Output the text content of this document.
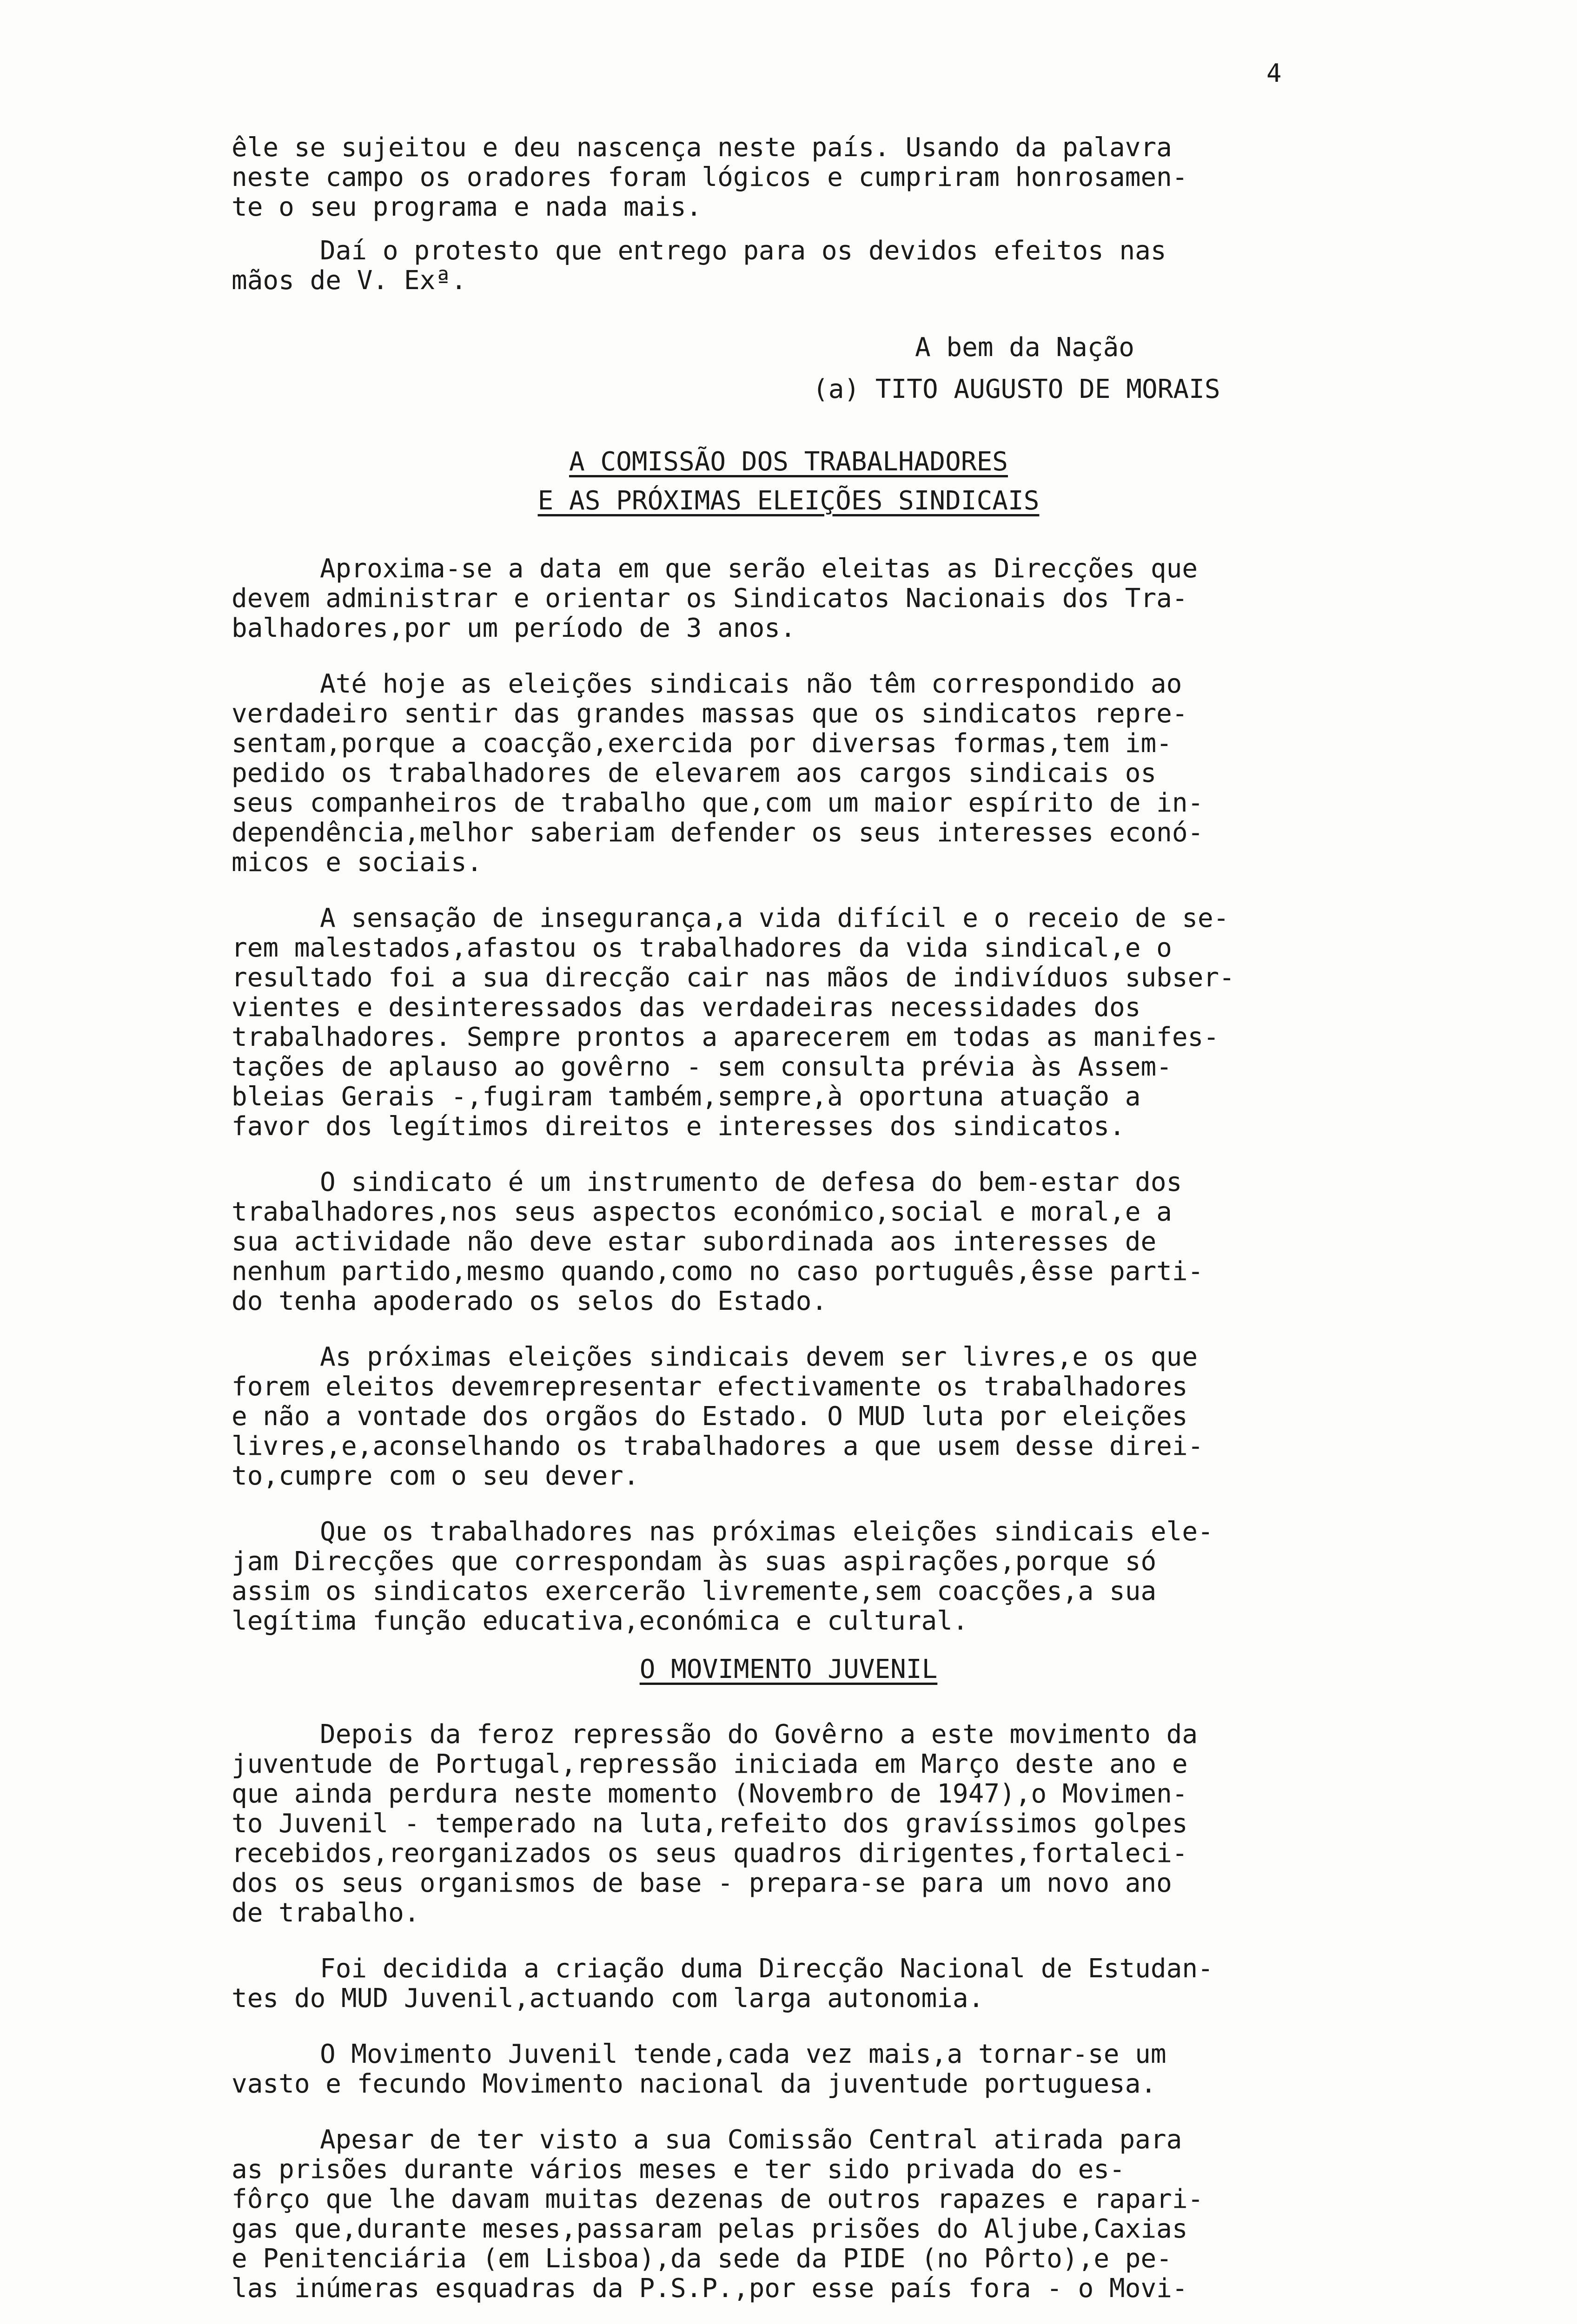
4

êle se sujeitou e deu nascença neste país. Usando da palavra

neste campo os oradores foram lógicos e cumpriram honrosamen-

te o seu programa e nada mais.

Daí o protesto que entrego para os devidos efeitos nas

mãos de V. Exª.

A bem da Nação

(a) TITO AUGUSTO DE MORAIS

A COMISSÃO DOS TRABALHADORES
E AS PRÓXIMAS ELEIÇÕES SINDICAIS

Aproxima-se a data em que serão eleitas as Direcções que

devem administrar e orientar os Sindicatos Nacionais dos Tra-

balhadores,por um período de 3 anos.

Até hoje as eleições sindicais não têm correspondido ao

verdadeiro sentir das grandes massas que os sindicatos repre-

sentam,porque a coacção,exercida por diversas formas,tem im-

pedido os trabalhadores de elevarem aos cargos sindicais os

seus companheiros de trabalho que,com um maior espírito de in-

dependência,melhor saberiam defender os seus interesses econó-

micos e sociais.

A sensação de insegurança,a vida difícil e o receio de se-

rem malestados,afastou os trabalhadores da vida sindical,e o

resultado foi a sua direcção cair nas mãos de indivíduos subser-

vientes e desinteressados das verdadeiras necessidades dos

trabalhadores. Sempre prontos a aparecerem em todas as manifes-

tações de aplauso ao govêrno - sem consulta prévia às Assem-

bleias Gerais -,fugiram também,sempre,à oportuna atuação a

favor dos legítimos direitos e interesses dos sindicatos.

O sindicato é um instrumento de defesa do bem-estar dos

trabalhadores,nos seus aspectos económico,social e moral,e a

sua actividade não deve estar subordinada aos interesses de

nenhum partido,mesmo quando,como no caso português,êsse parti-

do tenha apoderado os selos do Estado.

As próximas eleições sindicais devem ser livres,e os que

forem eleitos devemrepresentar efectivamente os trabalhadores

e não a vontade dos orgãos do Estado. O MUD luta por eleições

livres,e,aconselhando os trabalhadores a que usem desse direi-

to,cumpre com o seu dever.

Que os trabalhadores nas próximas eleições sindicais ele-

jam Direcções que correspondam às suas aspirações,porque só

assim os sindicatos exercerão livremente,sem coacções,a sua

legítima função educativa,económica e cultural.

O MOVIMENTO JUVENIL

Depois da feroz repressão do Govêrno a este movimento da

juventude de Portugal,repressão iniciada em Março deste ano e

que ainda perdura neste momento (Novembro de 1947),o Movimen-

to Juvenil - temperado na luta,refeito dos gravíssimos golpes

recebidos,reorganizados os seus quadros dirigentes,fortaleci-

dos os seus organismos de base - prepara-se para um novo ano

de trabalho.

Foi decidida a criação duma Direcção Nacional de Estudan-

tes do MUD Juvenil,actuando com larga autonomia.

O Movimento Juvenil tende,cada vez mais,a tornar-se um

vasto e fecundo Movimento nacional da juventude portuguesa.

Apesar de ter visto a sua Comissão Central atirada para

as prisões durante vários meses e ter sido privada do es-

fôrço que lhe davam muitas dezenas de outros rapazes e rapari-

gas que,durante meses,passaram pelas prisões do Aljube,Caxias

e Penitenciária (em Lisboa),da sede da PIDE (no Pôrto),e pe-

las inúmeras esquadras da P.S.P.,por esse país fora - o Movi-
